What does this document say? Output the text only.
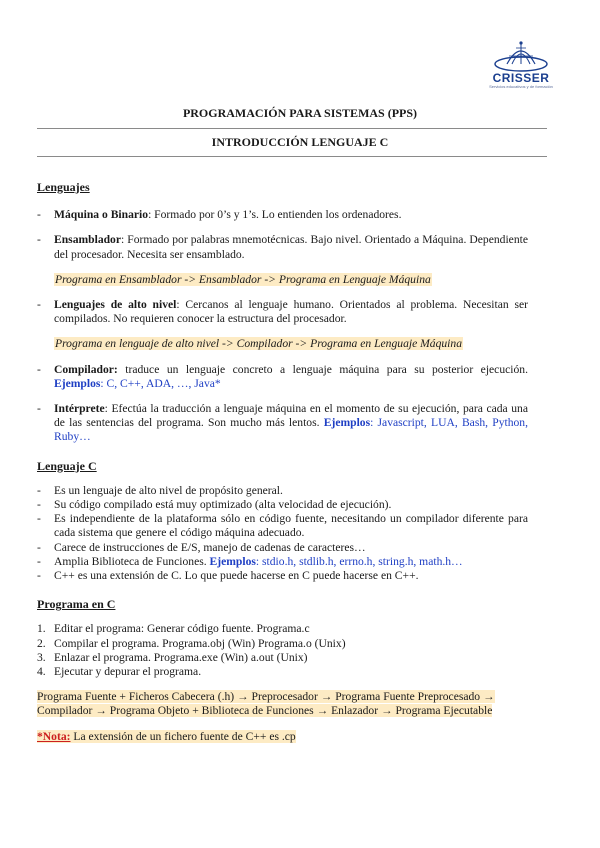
CRISSER
Servicios educativos y de formación
PROGRAMACIÓN PARA SISTEMAS (PPS)
INTRODUCCIÓN LENGUAJE C
Lenguajes
-	Máquina o Binario: Formado por 0’s y 1’s. Lo entienden los ordenadores.
-	Ensamblador: Formado por palabras mnemotécnicas. Bajo nivel. Orientado a Máquina. Dependiente del procesador. Necesita ser ensamblado.
Programa en Ensamblador -> Ensamblador -> Programa en Lenguaje Máquina
-	Lenguajes de alto nivel: Cercanos al lenguaje humano. Orientados al problema. Necesitan ser compilados. No requieren conocer la estructura del procesador.
Programa en lenguaje de alto nivel -> Compilador -> Programa en Lenguaje Máquina
-	Compilador: traduce un lenguaje concreto a lenguaje máquina para su posterior ejecución. Ejemplos: C, C++, ADA, …, Java*
-	Intérprete: Efectúa la traducción a lenguaje máquina en el momento de su ejecución, para cada una de las sentencias del programa. Son mucho más lentos. Ejemplos: Javascript, LUA, Bash, Python, Ruby…
Lenguaje C
-	Es un lenguaje de alto nivel de propósito general.
-	Su código compilado está muy optimizado (alta velocidad de ejecución).
-	Es independiente de la plataforma sólo en código fuente, necesitando un compilador diferente para cada sistema que genere el código máquina adecuado.
-	Carece de instrucciones de E/S, manejo de cadenas de caracteres…
-	Amplia Biblioteca de Funciones. Ejemplos: stdio.h, stdlib.h, errno.h, string.h, math.h…
-	C++ es una extensión de C. Lo que puede hacerse en C puede hacerse en C++.
Programa en C
1. Editar el programa: Generar código fuente. Programa.c
2. Compilar el programa. Programa.obj (Win) Programa.o (Unix)
3. Enlazar el programa. Programa.exe (Win) a.out (Unix)
4. Ejecutar y depurar el programa.
Programa Fuente + Ficheros Cabecera (.h) → Preprocesador → Programa Fuente Preprocesado → Compilador → Programa Objeto + Biblioteca de Funciones → Enlazador → Programa Ejecutable
*Nota: La extensión de un fichero fuente de C++ es .cp
